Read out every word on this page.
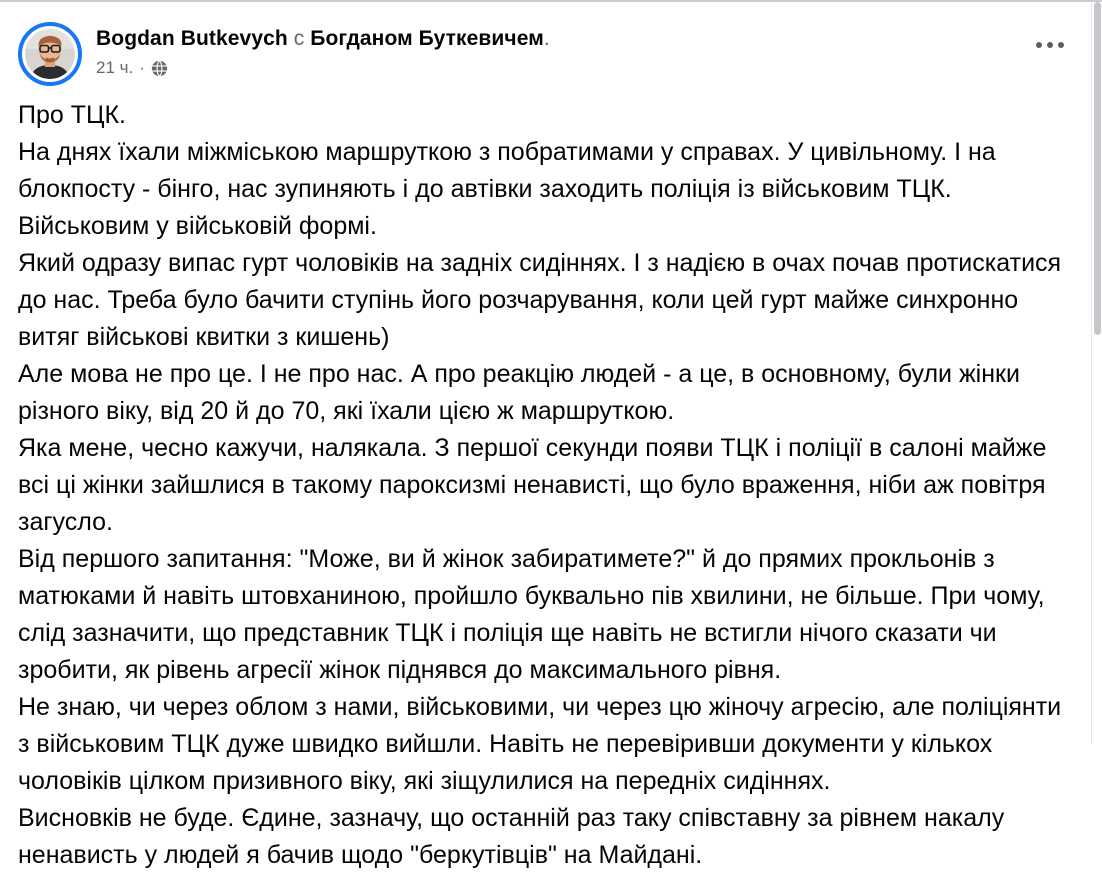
Bogdan Butkevych с Богданом Буткевичем.
21 ч. ·

Про ТЦК.

На днях їхали міжміською маршруткою з побратимами у справах. У цивільному. І на блокпосту - бінго, нас зупиняють і до автівки заходить поліція із військовим ТЦК. Військовим у військовій формі.

Який одразу випас гурт чоловіків на задніх сидіннях. І з надією в очах почав протискатися до нас. Треба було бачити ступінь його розчарування, коли цей гурт майже синхронно витяг військові квитки з кишень)

Але мова не про це. І не про нас. А про реакцію людей - а це, в основному, були жінки різного віку, від 20 й до 70, які їхали цією ж маршруткою.

Яка мене, чесно кажучи, налякала. З першої секунди появи ТЦК і поліції в салоні майже всі ці жінки зайшлися в такому пароксизмі ненависті, що було враження, ніби аж повітря загусло.

Від першого запитання: "Може, ви й жінок забиратимете?" й до прямих прокльонів з матюками й навіть штовханиною, пройшло буквально пів хвилини, не більше. При чому, слід зазначити, що представник ТЦК і поліція ще навіть не встигли нічого сказати чи зробити, як рівень агресії жінок піднявся до максимального рівня.

Не знаю, чи через облом з нами, військовими, чи через цю жіночу агресію, але поліціянти з військовим ТЦК дуже швидко вийшли. Навіть не перевіривши документи у кількох чоловіків цілком призивного віку, які зіщулилися на передніх сидіннях.

Висновків не буде. Єдине, зазначу, що останній раз таку співставну за рівнем накалу ненависть у людей я бачив щодо "беркутівців" на Майдані.
